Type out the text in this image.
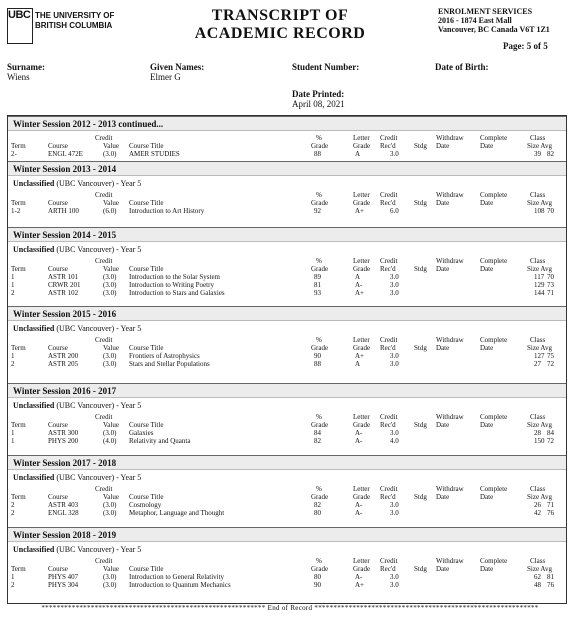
UBC THE UNIVERSITY OF
BRITISH COLUMBIA
TRANSCRIPT OF
ACADEMIC RECORD
ENROLMENT SERVICES
2016 - 1874 East Mall
Vancouver, BC Canada V6T 1Z1
Page: 5 of 5
Surname:
Wiens
Given Names:
Elmer G
Student Number:	Date of Birth:
Date Printed:
April 08, 2021
Winter Session 2012 - 2013 continued...
Credit
Term	Course	Value Course Title
%
Grade
Letter
Grade
Credit
Rec'd	Stdg
Withdraw
Date
Complete
Date
Class
Size Avg
2-	ENGL 472E	(3.0) AMER STUDIES	88	A	3.0	39 82
Winter Session 2013 - 2014
Unclassified (UBC Vancouver) - Year 5
Credit
Term	Course	Value Course Title
%
Grade
Letter
Grade
Credit
Rec'd	Stdg
Withdraw
Date
Complete
Date
Class
Size Avg
1-2	ARTH 100	(6.0) Introduction to Art History	92	A+	6.0	108 70
Winter Session 2014 - 2015
Unclassified (UBC Vancouver) - Year 5
Credit
Term	Course	Value Course Title
%
Grade
Letter
Grade
Credit
Rec'd	Stdg
Withdraw
Date
Complete
Date
Class
Size Avg
1	ASTR 101	(3.0) Introduction to the Solar System	89	A	3.0	117 70
1	CRWR 201	(3.0) Introduction to Writing Poetry	81	A-	3.0	129 73
2	ASTR 102	(3.0) Introduction to Stars and Galaxies	93	A+	3.0	144 71
Winter Session 2015 - 2016
Unclassified (UBC Vancouver) - Year 5
Credit
Term	Course	Value Course Title
%
Grade
Letter
Grade
Credit
Rec'd	Stdg
Withdraw
Date
Complete
Date
Class
Size Avg
1	ASTR 200	(3.0) Frontiers of Astrophysics	90	A+	3.0	127 75
2	ASTR 205	(3.0) Stars and Stellar Populations	88	A	3.0	27 72
Winter Session 2016 - 2017
Unclassified (UBC Vancouver) - Year 5
Credit
Term	Course	Value Course Title
%
Grade
Letter
Grade
Credit
Rec'd	Stdg
Withdraw
Date
Complete
Date
Class
Size Avg
1	ASTR 300	(3.0) Galaxies	84	A-	3.0	28 84
1	PHYS 200	(4.0) Relativity and Quanta	82	A-	4.0	150 72
Winter Session 2017 - 2018
Unclassified (UBC Vancouver) - Year 5
Credit
Term	Course	Value Course Title
%
Grade
Letter
Grade
Credit
Rec'd	Stdg
Withdraw
Date
Complete
Date
Class
Size Avg
2	ASTR 403	(3.0) Cosmology	82	A-	3.0	26 71
2	ENGL 328	(3.0) Metaphor, Language and Thought	80	A-	3.0	42 76
Winter Session 2018 - 2019
Unclassified (UBC Vancouver) - Year 5
Credit
Term	Course	Value Course Title
%
Grade
Letter
Grade
Credit
Rec'd	Stdg
Withdraw
Date
Complete
Date
Class
Size Avg
1	PHYS 407	(3.0) Introduction to General Relativity	80	A-	3.0	62 81
2	PHYS 304	(3.0) Introduction to Quantum Mechanics	90	A+	3.0	48 76
*********************************************************** End of Record ***********************************************************
